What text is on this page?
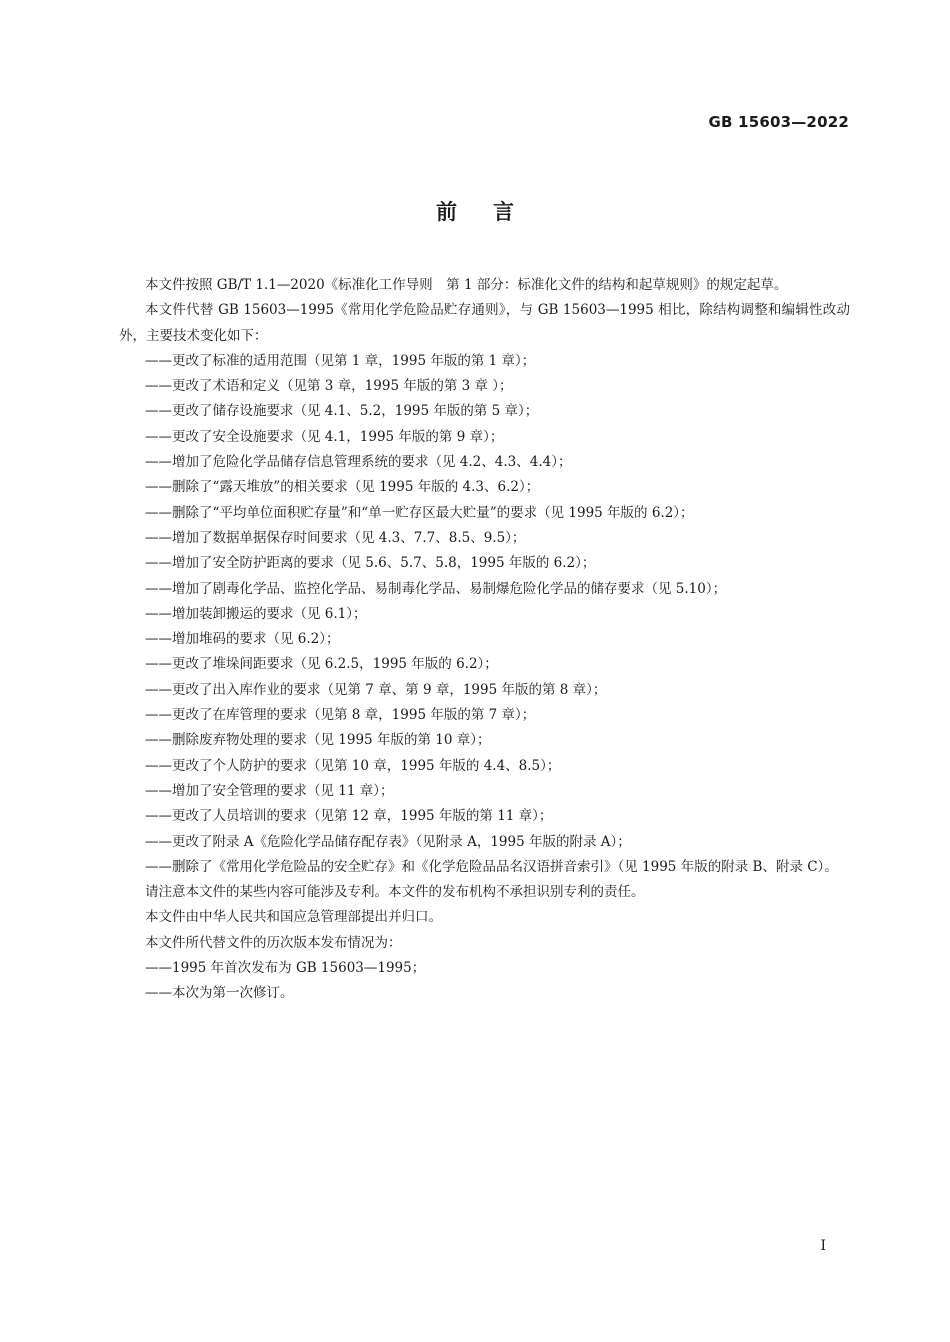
GB 15603—2022
前言

本文件按照 GB/T 1.1—2020《标准化工作导则　第 1 部分：标准化文件的结构和起草规则》的规定起草。

本文件代替 GB 15603—1995《常用化学危险品贮存通则》，与 GB 15603—1995 相比，除结构调整和编辑性改动外，主要技术变化如下：

——更改了标准的适用范围（见第 1 章，1995 年版的第 1 章）；

——更改了术语和定义（见第 3 章，1995 年版的第 3 章 ）；

——更改了储存设施要求（见 4.1、5.2，1995 年版的第 5 章）；

——更改了安全设施要求（见 4.1，1995 年版的第 9 章）；

——增加了危险化学品储存信息管理系统的要求（见 4.2、4.3、4.4）；

——删除了“露天堆放”的相关要求（见 1995 年版的 4.3、6.2）；

——删除了“平均单位面积贮存量”和“单一贮存区最大贮量”的要求（见 1995 年版的 6.2）；

——增加了数据单据保存时间要求（见 4.3、7.7、8.5、9.5）；

——增加了安全防护距离的要求（见 5.6、5.7、5.8，1995 年版的 6.2）；

——增加了剧毒化学品、监控化学品、易制毒化学品、易制爆危险化学品的储存要求（见 5.10）；

——增加装卸搬运的要求（见 6.1）；

——增加堆码的要求（见 6.2）；

——更改了堆垛间距要求（见 6.2.5，1995 年版的 6.2）；

——更改了出入库作业的要求（见第 7 章、第 9 章，1995 年版的第 8 章）；

——更改了在库管理的要求（见第 8 章，1995 年版的第 7 章）；

——删除废弃物处理的要求（见 1995 年版的第 10 章）；

——更改了个人防护的要求（见第 10 章，1995 年版的 4.4、8.5）；

——增加了安全管理的要求（见 11 章）；

——更改了人员培训的要求（见第 12 章，1995 年版的第 11 章）；

——更改了附录 A《危险化学品储存配存表》（见附录 A，1995 年版的附录 A）；

——删除了《常用化学危险品的安全贮存》和《化学危险品品名汉语拼音索引》（见 1995 年版的附录 B、附录 C）。

请注意本文件的某些内容可能涉及专利。本文件的发布机构不承担识别专利的责任。

本文件由中华人民共和国应急管理部提出并归口。

本文件所代替文件的历次版本发布情况为：

——1995 年首次发布为 GB 15603—1995；

——本次为第一次修订。

Ⅰ
